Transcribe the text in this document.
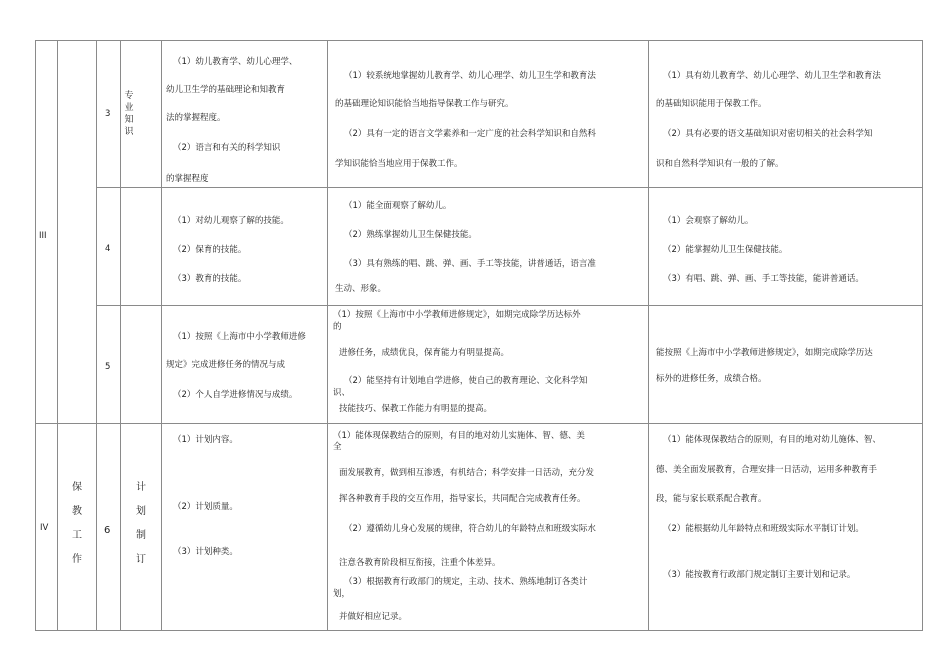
III
3
专业知识
（1）幼儿教育学、幼儿心理学、
幼儿卫生学的基础理论和知教育
法的掌握程度。
（2）语言和有关的科学知识
的掌握程度
（1）较系统地掌握幼儿教育学、幼儿心理学、幼儿卫生学和教育法
的基础理论知识能恰当地指导保教工作与研究。
（2）具有一定的语言文学素养和一定广度的社会科学知识和自然科
学知识能恰当地应用于保教工作。
（1）具有幼儿教育学、幼儿心理学、幼儿卫生学和教育法
的基础知识能用于保教工作。
（2）具有必要的语文基础知识对密切相关的社会科学知
识和自然科学知识有一般的了解。
4
（1）对幼儿观察了解的技能。
（2）保育的技能。
（3）教育的技能。
（1）能全面观察了解幼儿。
（2）熟练掌握幼儿卫生保健技能。
（3）具有熟练的唱、跳、弹、画、手工等技能，讲普通话，语言准
生动、形象。
（1）会观察了解幼儿。
（2）能掌握幼儿卫生保健技能。
（3）有唱、跳、弹、画、手工等技能，能讲普通话。
5
（1）按照《上海市中小学教师进修
规定》完成进修任务的情况与成
（2）个人自学进修情况与成绩。
（1）按照《上海市中小学教师进修规定》，如期完成除学历达标外
的
进修任务，成绩优良，保育能力有明显提高。
（2）能坚持有计划地自学进修，使自己的教育理论、文化科学知
识、
技能技巧、保教工作能力有明显的提高。
能按照《上海市中小学教师进修规定》，如期完成除学历达
标外的进修任务，成绩合格。
IV
保
教
工
作
6
计
划
制
订
（1）计划内容。
（2）计划质量。
（3）计划种类。
（1）能体现保教结合的原则，有目的地对幼儿实施体、智、德、美
全
面发展教育，做到相互渗透，有机结合；科学安排一日活动，充分发
挥各种教育手段的交互作用，指导家长，共同配合完成教育任务。
（2）遵循幼儿身心发展的规律，符合幼儿的年龄特点和班级实际水
注意各教育阶段相互衔接，注重个体差异。
（3）根据教育行政部门的规定，主动、技术、熟练地制订各类计
划，
并做好相应记录。
（1）能体现保教结合的原则，有目的地对幼儿施体、智、
德、美全面发展教育，合理安排一日活动，运用多种教育手
段，能与家长联系配合教育。
（2）能根据幼儿年龄特点和班级实际水平制订计划。
（3）能按教育行政部门规定制订主要计划和记录。
